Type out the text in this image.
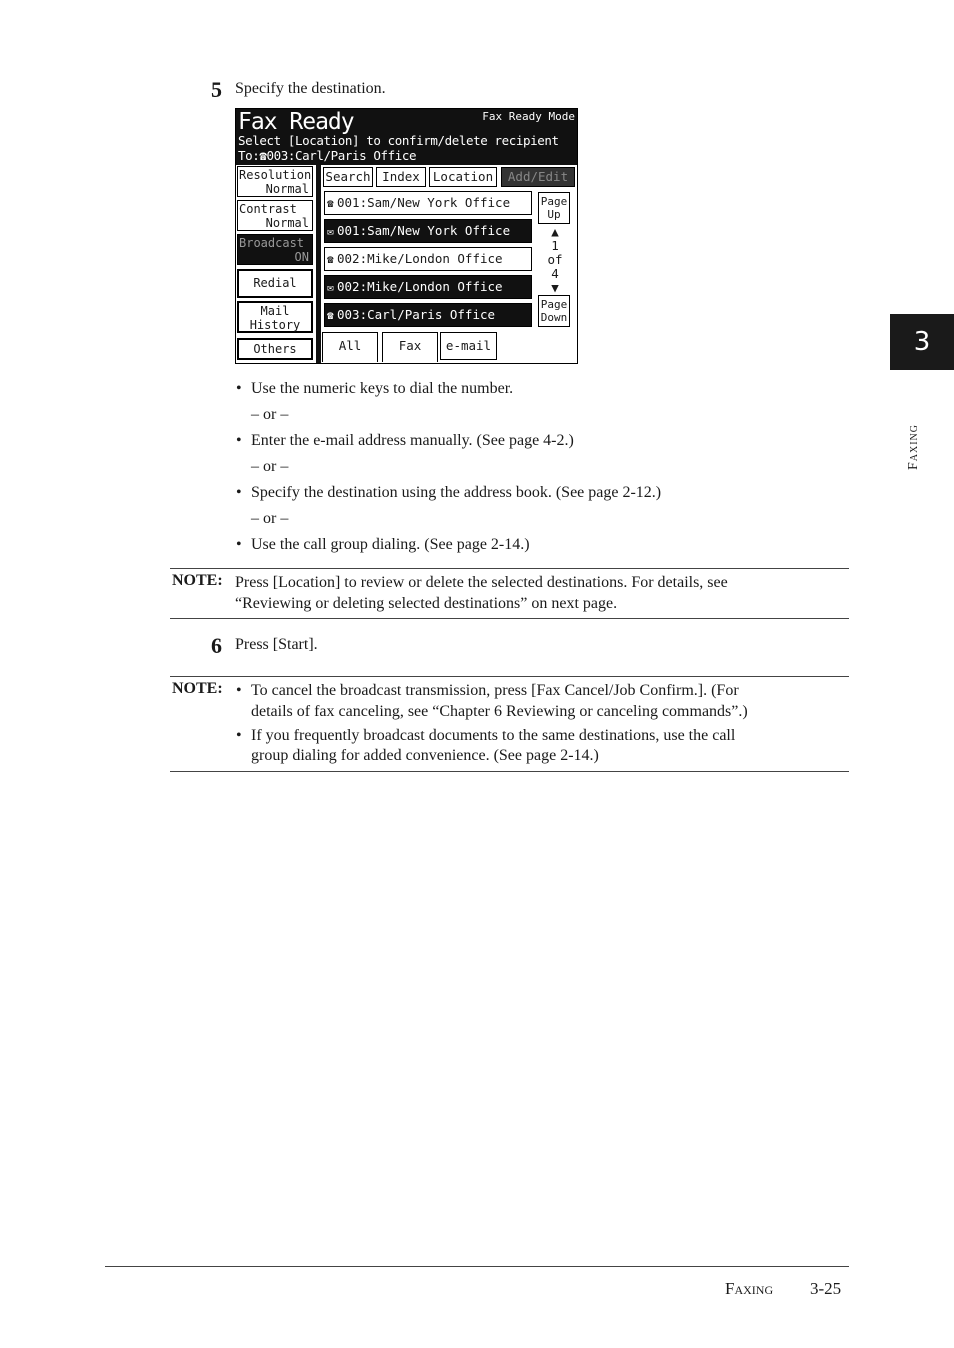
5 Specify the destination.
Fax Ready	Fax Ready Mode
Select [Location] to confirm/delete recipient
To:☎003:Carl/Paris Office
Resolution
Normal
Contrast
Normal
Broadcast
ON
Redial
Mail
History
Others
Search Index	Location	Add/Edit
Page
Up
▲
1
of
4
▼
Page
Down
All	Fax	e-mail
☎ 001:Sam/New York Office
✉ 001:Sam/New York Office
☎ 002:Mike/London Office
✉ 002:Mike/London Office
☎ 003:Carl/Paris Office
• Use the numeric keys to dial the number.
– or –
• Enter the e-mail address manually. (See page 4-2.)
– or –
• Specify the destination using the address book. (See page 2-12.)
– or –
• Use the call group dialing. (See page 2-14.)
NOTE: Press [Location] to review or delete the selected destinations. For details, see
“Reviewing or deleting selected destinations” on next page.
6 Press [Start].
NOTE: • To cancel the broadcast transmission, press [Fax Cancel/Job Confirm.]. (For
details of fax canceling, see “Chapter 6 Reviewing or canceling commands”.)
• If you frequently broadcast documents to the same destinations, use the call
group dialing for added convenience. (See page 2-14.)
3
Faxing
Faxing 3-25
